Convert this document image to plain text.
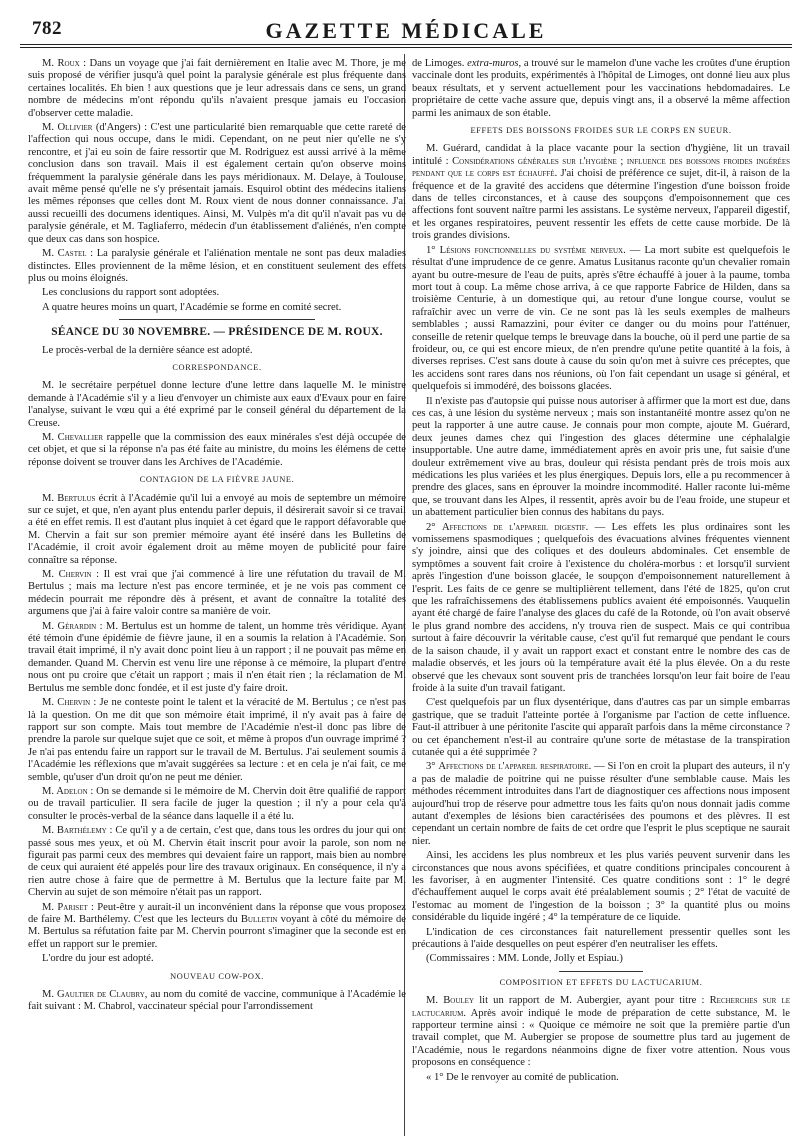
782	GAZETTE MÉDICALE

M. Roux : Dans un voyage que j'ai fait dernièrement en Italie avec M. Thore, je me suis proposé de vérifier jusqu'à quel point la paralysie générale est plus fréquente dans certaines localités. Eh bien ! aux questions que je leur adressais dans ce sens, un grand nombre de médecins m'ont répondu qu'ils n'avaient presque jamais eu l'occasion d'observer cette maladie.

M. Ollivier (d'Angers) : C'est une particularité bien remarquable que cette rareté de l'affection qui nous occupe, dans le midi. Cependant, on ne peut nier qu'elle ne s'y rencontre, et j'ai eu soin de faire ressortir que M. Rodriguez est aussi arrivé à la même conclusion dans son travail. Mais il est également certain qu'on observe moins fréquemment la paralysie générale dans les pays méridionaux. M. Delaye, à Toulouse, avait même pensé qu'elle ne s'y présentait jamais. Esquirol obtint des médecins italiens les mêmes réponses que celles dont M. Roux vient de nous donner connaissance. J'ai aussi recueilli des documens identiques. Ainsi, M. Vulpès m'a dit qu'il n'avait pas vu de paralysie générale, et M. Tagliaferro, médecin d'un établissement d'aliénés, n'en compte que deux cas dans son hospice.

M. Castel : La paralysie générale et l'aliénation mentale ne sont pas deux maladies distinctes. Elles proviennent de la même lésion, et en constituent seulement des effets plus ou moins éloignés.

Les conclusions du rapport sont adoptées.

A quatre heures moins un quart, l'Académie se forme en comité secret.

SÉANCE DU 30 NOVEMBRE. — PRÉSIDENCE DE M. ROUX.

Le procès-verbal de la dernière séance est adopté.

CORRESPONDANCE.

M. le secrétaire perpétuel donne lecture d'une lettre dans laquelle M. le ministre demande à l'Académie s'il y a lieu d'envoyer un chimiste aux eaux d'Evaux pour en faire l'analyse, suivant le vœu qui a été exprimé par le conseil général du département de la Creuse.

M. Chevallier rappelle que la commission des eaux minérales s'est déjà occupée de cet objet, et que si la réponse n'a pas été faite au ministre, du moins les élémens de cette réponse doivent se trouver dans les Archives de l'Académie.

CONTAGION DE LA FIÈVRE JAUNE.

M. Bertulus écrit à l'Académie qu'il lui a envoyé au mois de septembre un mémoire sur ce sujet, et que, n'en ayant plus entendu parler depuis, il désirerait savoir si ce travail a été en effet remis. Il est d'autant plus inquiet à cet égard que le rapport défavorable que M. Chervin a fait sur son premier mémoire ayant été inséré dans les Bulletins de l'Académie, il croit avoir également droit au même moyen de publicité pour faire connaître sa réponse.

M. Chervin : Il est vrai que j'ai commencé à lire une réfutation du travail de M. Bertulus ; mais ma lecture n'est pas encore terminée, et je ne vois pas comment ce médecin pourrait me répondre dès à présent, et avant de connaître la totalité des argumens que j'ai à faire valoir contre sa manière de voir.

M. Gérardin : M. Bertulus est un homme de talent, un homme très véridique. Ayant été témoin d'une épidémie de fièvre jaune, il en a soumis la relation à l'Académie. Son travail était imprimé, il n'y avait donc point lieu à un rapport ; il ne pouvait pas même en demander. Quand M. Chervin est venu lire une réponse à ce mémoire, la plupart d'entre nous ont pu croire que c'était un rapport ; mais il n'en était rien ; la réclamation de M. Bertulus me semble donc fondée, et il est juste d'y faire droit.

M. Chervin : Je ne conteste point le talent et la véracité de M. Bertulus ; ce n'est pas là la question. On me dit que son mémoire était imprimé, il n'y avait pas à faire de rapport sur son compte. Mais tout membre de l'Académie n'est-il donc pas libre de prendre la parole sur quelque sujet que ce soit, et même à propos d'un ouvrage imprimé ? Je n'ai pas entendu faire un rapport sur le travail de M. Bertulus. J'ai seulement soumis à l'Académie les réflexions que m'avait suggérées sa lecture : et en cela je n'ai fait, ce me semble, qu'user d'un droit qu'on ne peut me dénier.

M. Adelon : On se demande si le mémoire de M. Chervin doit être qualifié de rapport ou de travail particulier. Il sera facile de juger la question ; il n'y a pour cela qu'à consulter le procès-verbal de la séance dans laquelle il a été lu.

M. Barthélemy : Ce qu'il y a de certain, c'est que, dans tous les ordres du jour qui ont passé sous mes yeux, et où M. Chervin était inscrit pour avoir la parole, son nom ne figurait pas parmi ceux des membres qui devaient faire un rapport, mais bien au nombre de ceux qui auraient été appelés pour lire des travaux originaux. En conséquence, il n'y a rien autre chose à faire que de permettre à M. Bertulus que la lecture faite par M. Chervin au sujet de son mémoire n'était pas un rapport.

M. Pariset : Peut-être y aurait-il un inconvénient dans la réponse que vous proposez de faire M. Barthélemy. C'est que les lecteurs du Bulletin voyant à côté du mémoire de M. Bertulus sa réfutation faite par M. Chervin pourront s'imaginer que la seconde est en effet un rapport sur le premier.

L'ordre du jour est adopté.

NOUVEAU COW-POX.

M. Gaultier de Claubry, au nom du comité de vaccine, communique à l'Académie le fait suivant : M. Chabrol, vaccinateur spécial pour l'arrondissement

de Limoges. extra-muros, a trouvé sur le mamelon d'une vache les croûtes d'une éruption vaccinale dont les produits, expérimentés à l'hôpital de Limoges, ont donné lieu aux plus beaux résultats, et y servent actuellement pour les vaccinations hebdomadaires. Le propriétaire de cette vache assure que, depuis vingt ans, il a observé la même affection parmi les animaux de son étable.

EFFETS DES BOISSONS FROIDES SUR LE CORPS EN SUEUR.

M. Guérard, candidat à la place vacante pour la section d'hygiène, lit un travail intitulé : Considérations générales sur l'hygiène ; influence des boissons froides ingérées pendant que le corps est échauffé. J'ai choisi de préférence ce sujet, dit-il, à raison de la fréquence et de la gravité des accidens que détermine l'ingestion d'une boisson froide dans de telles circonstances, et à cause des soupçons d'empoisonnement que ces affections font souvent naître parmi les assistans. Le système nerveux, l'appareil digestif, et les organes respiratoires, peuvent ressentir les effets de cette cause morbide. De là trois grandes divisions.

1° Lésions fonctionnelles du système nerveux. — La mort subite est quelquefois le résultat d'une imprudence de ce genre. Amatus Lusitanus raconte qu'un chevalier romain ayant bu outre-mesure de l'eau de puits, après s'être échauffé à jouer à la paume, tomba mort tout à coup. La même chose arriva, à ce que rapporte Fabrice de Hilden, dans sa troisième Centurie, à un domestique qui, au retour d'une longue course, voulut se rafraîchir avec un verre de vin. Ce ne sont pas là les seuls exemples de malheurs semblables ; aussi Ramazzini, pour éviter ce danger ou du moins pour l'atténuer, conseille de retenir quelque temps le breuvage dans la bouche, où il perd une partie de sa froideur, ou, ce qui est encore mieux, de n'en prendre qu'une petite quantité à la fois, à diverses reprises. C'est sans doute à cause du soin qu'on met à suivre ces préceptes, que les accidens sont rares dans nos réunions, où l'on fait cependant un usage si général, et quelquefois si immodéré, des boissons glacées.

Il n'existe pas d'autopsie qui puisse nous autoriser à affirmer que la mort est due, dans ces cas, à une lésion du système nerveux ; mais son instantanéité montre assez qu'on ne peut la rapporter à une autre cause. Je connais pour mon compte, ajoute M. Guérard, deux jeunes dames chez qui l'ingestion des glaces détermine une céphalalgie insupportable. Une autre dame, immédiatement après en avoir pris une, fut saisie d'une douleur extrêmement vive au bras, douleur qui résista pendant près de trois mois aux médications les plus variées et les plus énergiques. Depuis lors, elle a pu recommencer à prendre des glaces, sans en éprouver la moindre incommodité. Haller raconte lui-même que, se trouvant dans les Alpes, il ressentit, après avoir bu de l'eau froide, une stupeur et un abattement particulier bien connus des habitans du pays.

2° Affections de l'appareil digestif. — Les effets les plus ordinaires sont les vomissemens spasmodiques ; quelquefois des évacuations alvines fréquentes viennent s'y joindre, ainsi que des coliques et des douleurs abdominales. Cet ensemble de symptômes a souvent fait croire à l'existence du choléra-morbus : et lorsqu'il survient après l'ingestion d'une boisson glacée, le soupçon d'empoisonnement naturellement à l'esprit. Les faits de ce genre se multiplièrent tellement, dans l'été de 1825, qu'on crut que les rafraîchissemens des établissemens publics avaient été empoisonnés. Vauquelin ayant été chargé de faire l'analyse des glaces du café de la Rotonde, où l'on avait observé le plus grand nombre des accidens, n'y trouva rien de suspect. Mais ce qui contribua surtout à faire découvrir la véritable cause, c'est qu'il fut remarqué que pendant le cours de la saison chaude, il y avait un rapport exact et constant entre le nombre des cas de maladie observés, et les jours où la température avait été la plus élevée. On a du reste observé que les chevaux sont souvent pris de tranchées lorsqu'on leur fait boire de l'eau froide à la suite d'un travail fatigant.

C'est quelquefois par un flux dysentérique, dans d'autres cas par un simple embarras gastrique, que se traduit l'atteinte portée à l'organisme par l'action de cette influence. Faut-il attribuer à une péritonite l'ascite qui apparaît parfois dans la même circonstance ? ou cet épanchement n'est-il au contraire qu'une sorte de métastase de la transpiration cutanée qui a été supprimée ?

3° Affections de l'appareil respiratoire. — Si l'on en croit la plupart des auteurs, il n'y a pas de maladie de poitrine qui ne puisse résulter d'une semblable cause. Mais les méthodes récemment introduites dans l'art de diagnostiquer ces affections nous imposent aujourd'hui trop de réserve pour admettre tous les faits qu'on nous donnait jadis comme autant d'exemples de lésions bien caractérisées des poumons et des plèvres. Il est cependant un certain nombre de faits de cet ordre que l'esprit le plus sceptique ne saurait nier.

Ainsi, les accidens les plus nombreux et les plus variés peuvent survenir dans les circonstances que nous avons spécifiées, et quatre conditions principales concourent à les favoriser, à en augmenter l'intensité. Ces quatre conditions sont : 1° le degré d'échauffement auquel le corps avait été préalablement soumis ; 2° l'état de vacuité de l'estomac au moment de l'ingestion de la boisson ; 3° la quantité plus ou moins considérable du liquide ingéré ; 4° la température de ce liquide.

L'indication de ces circonstances fait naturellement pressentir quelles sont les précautions à l'aide desquelles on peut espérer d'en neutraliser les effets.

(Commissaires : MM. Londe, Jolly et Espiau.)

COMPOSITION ET EFFETS DU LACTUCARIUM.

M. Bouley lit un rapport de M. Aubergier, ayant pour titre : Recherches sur le lactucarium. Après avoir indiqué le mode de préparation de cette substance, M. le rapporteur termine ainsi : « Quoique ce mémoire ne soit que la première partie d'un travail complet, que M. Aubergier se propose de soumettre plus tard au jugement de l'Académie, nous le regardons néanmoins digne de fixer votre attention. Nous vous proposons en conséquence :

« 1° De le renvoyer au comité de publication.
